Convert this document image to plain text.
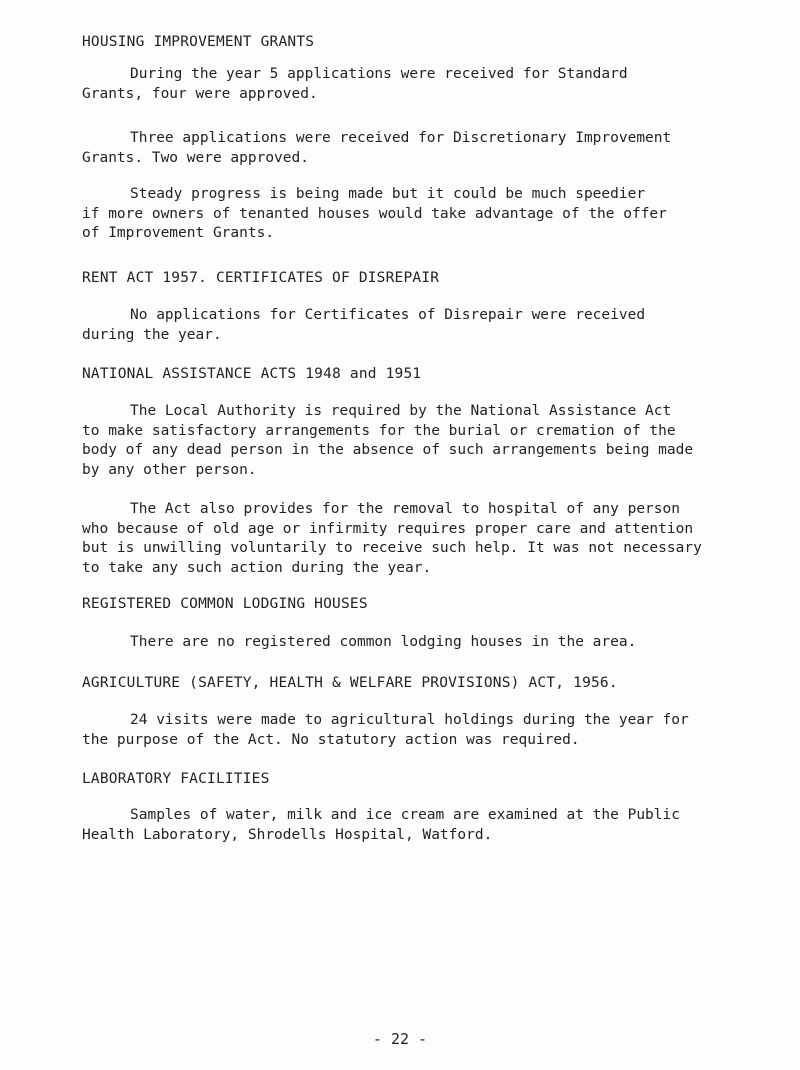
HOUSING IMPROVEMENT GRANTS
During the year 5 applications were received for Standard
Grants, four were approved.
Three applications were received for Discretionary Improvement
Grants. Two were approved.
Steady progress is being made but it could be much speedier
if more owners of tenanted houses would take advantage of the offer
of Improvement Grants.
RENT ACT 1957. CERTIFICATES OF DISREPAIR
No applications for Certificates of Disrepair were received
during the year.
NATIONAL ASSISTANCE ACTS 1948 and 1951
The Local Authority is required by the National Assistance Act
to make satisfactory arrangements for the burial or cremation of the
body of any dead person in the absence of such arrangements being made
by any other person.
The Act also provides for the removal to hospital of any person
who because of old age or infirmity requires proper care and attention
but is unwilling voluntarily to receive such help. It was not necessary
to take any such action during the year.
REGISTERED COMMON LODGING HOUSES
There are no registered common lodging houses in the area.
AGRICULTURE (SAFETY, HEALTH & WELFARE PROVISIONS) ACT, 1956.
24 visits were made to agricultural holdings during the year for
the purpose of the Act. No statutory action was required.
LABORATORY FACILITIES
Samples of water, milk and ice cream are examined at the Public
Health Laboratory, Shrodells Hospital, Watford.
- 22 -
